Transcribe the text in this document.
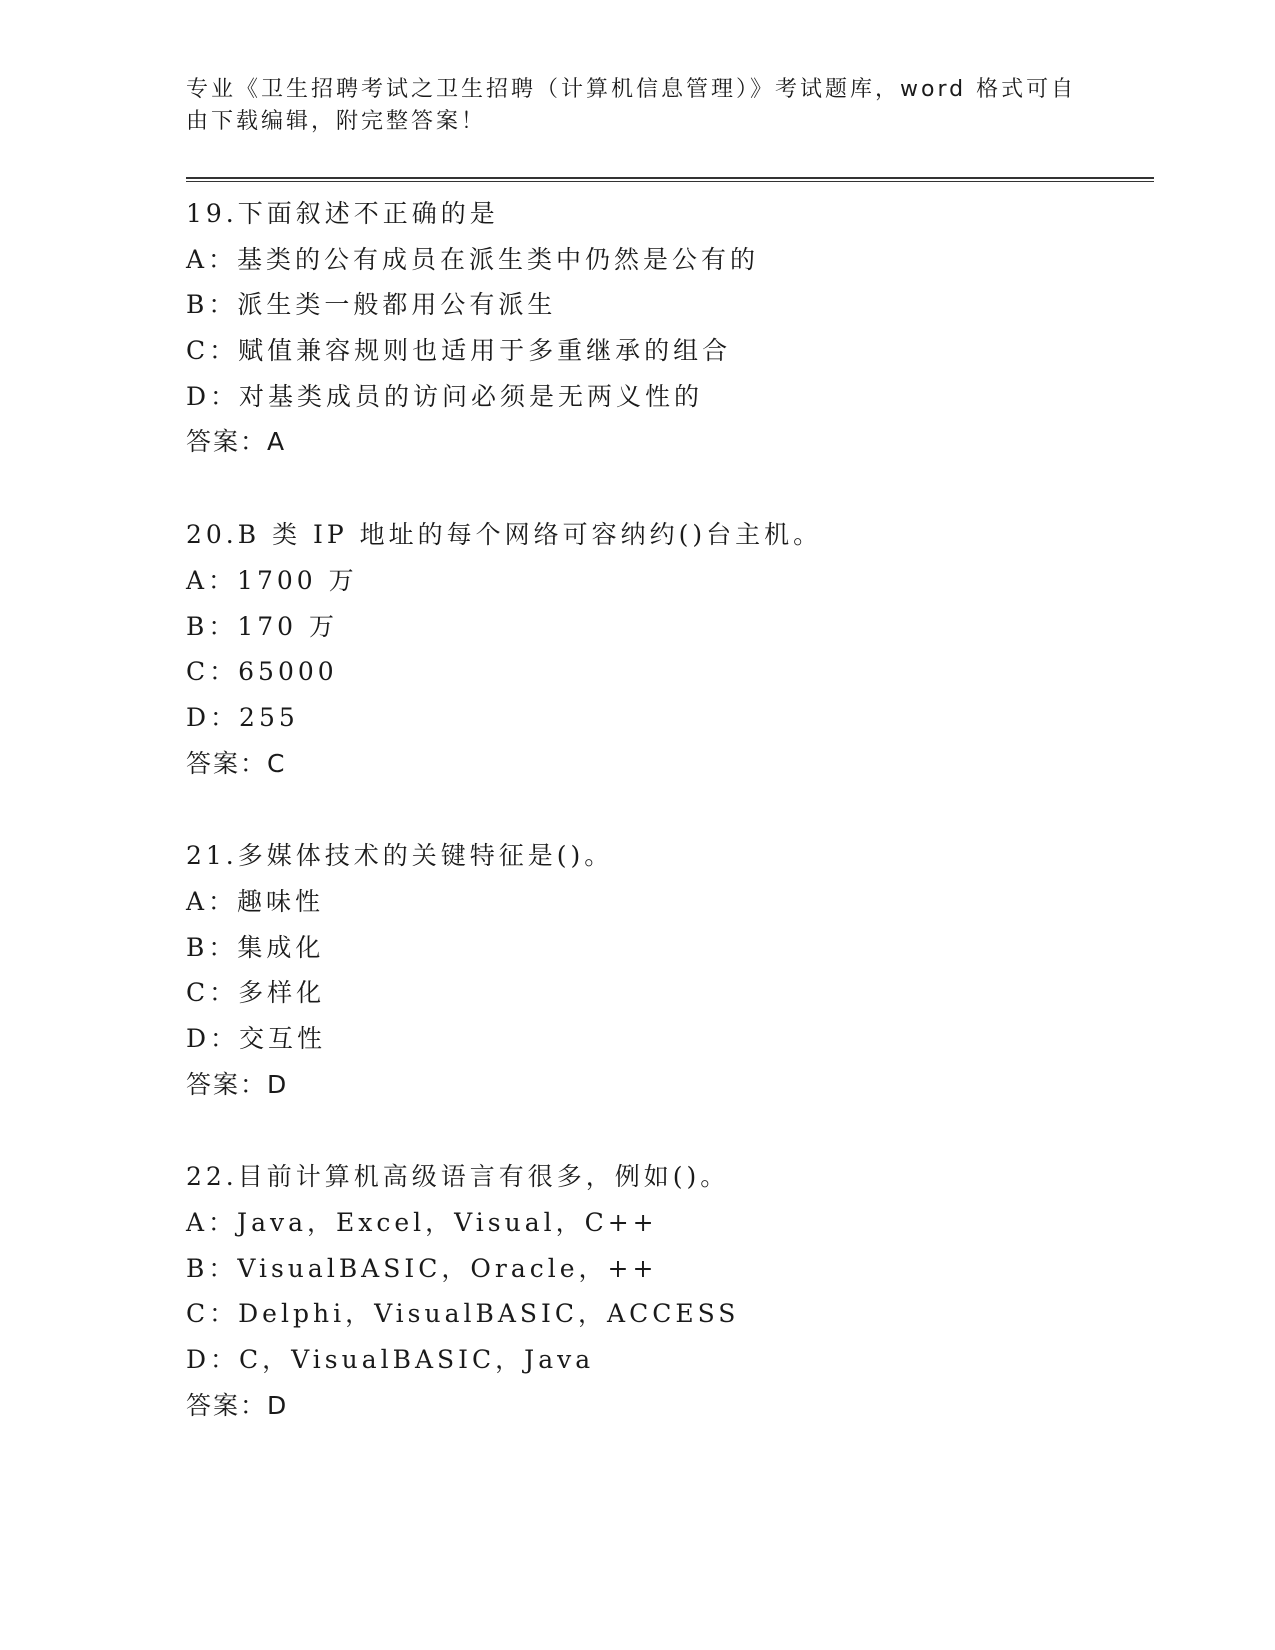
专业《卫生招聘考试之卫生招聘（计算机信息管理）》考试题库，word 格式可自
由下载编辑，附完整答案！
19.下面叙述不正确的是
A：基类的公有成员在派生类中仍然是公有的
B：派生类一般都用公有派生
C：赋值兼容规则也适用于多重继承的组合
D：对基类成员的访问必须是无两义性的
答案：A
20.B 类 IP 地址的每个网络可容纳约()台主机。
A：1700 万
B：170 万
C：65000
D：255
答案：C
21.多媒体技术的关键特征是()。
A：趣味性
B：集成化
C：多样化
D：交互性
答案：D
22.目前计算机高级语言有很多，例如()。
A：Java，Excel，Visual，C++
B：VisualBASIC，Oracle，++
C：Delphi，VisualBASIC，ACCESS
D：C，VisualBASIC，Java
答案：D
